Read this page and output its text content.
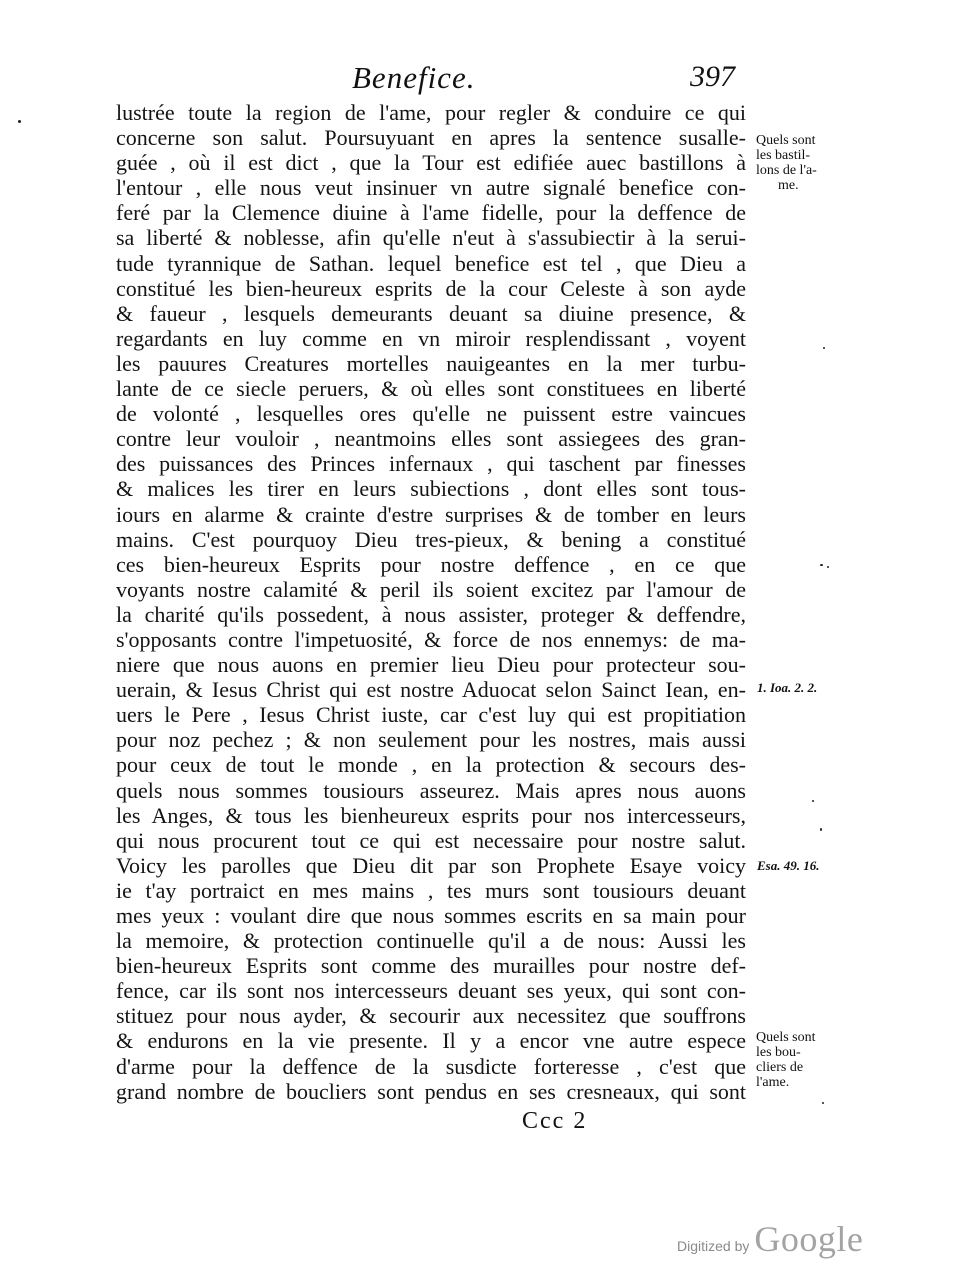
Benefice.	397
lustrée toute la region de l'ame, pour regler & conduire ce qui
concerne son salut. Poursuyuant en apres la sentence susalle-
guée , où il est dict , que la Tour est edifiée auec bastillons à
l'entour , elle nous veut insinuer vn autre signalé benefice con-
feré par la Clemence diuine à l'ame fidelle, pour la deffence de
sa liberté & noblesse, afin qu'elle n'eut à s'assubiectir à la serui-
tude tyrannique de Sathan. lequel benefice est tel , que Dieu a
constitué les bien-heureux esprits de la cour Celeste à son ayde
& faueur , lesquels demeurants deuant sa diuine presence, &
regardants en luy comme en vn miroir resplendissant , voyent
les pauures Creatures mortelles nauigeantes en la mer turbu-
lante de ce siecle peruers, & où elles sont constituees en liberté
de volonté , lesquelles ores qu'elle ne puissent estre vaincues
contre leur vouloir , neantmoins elles sont assiegees des gran-
des puissances des Princes infernaux , qui taschent par finesses
& malices les tirer en leurs subiections , dont elles sont tous-
iours en alarme & crainte d'estre surprises & de tomber en leurs
mains. C'est pourquoy Dieu tres-pieux, & bening a constitué
ces bien-heureux Esprits pour nostre deffence , en ce que
voyants nostre calamité & peril ils soient excitez par l'amour de
la charité qu'ils possedent, à nous assister, proteger & deffendre,
s'opposants contre l'impetuosité, & force de nos ennemys: de ma-
niere que nous auons en premier lieu Dieu pour protecteur sou-
uerain, & Iesus Christ qui est nostre Aduocat selon Sainct Iean, en-
uers le Pere , Iesus Christ iuste, car c'est luy qui est propitiation
pour noz pechez ; & non seulement pour les nostres, mais aussi
pour ceux de tout le monde , en la protection & secours des-
quels nous sommes tousiours asseurez. Mais apres nous auons
les Anges, & tous les bienheureux esprits pour nos intercesseurs,
qui nous procurent tout ce qui est necessaire pour nostre salut.
Voicy les parolles que Dieu dit par son Prophete Esaye voicy
ie t'ay portraict en mes mains , tes murs sont tousiours deuant
mes yeux : voulant dire que nous sommes escrits en sa main pour
la memoire, & protection continuelle qu'il a de nous: Aussi les
bien-heureux Esprits sont comme des murailles pour nostre def-
fence, car ils sont nos intercesseurs deuant ses yeux, qui sont con-
stituez pour nous ayder, & secourir aux necessitez que souffrons
& endurons en la vie presente. Il y a encor vne autre espece
d'arme pour la deffence de la susdicte forteresse , c'est que
grand nombre de boucliers sont pendus en ses cresneaux, qui sont
Quels sont
les bastil-
lons de l'a-
me.
1. Ioa. 2. 2.
Esa. 49. 16.
Quels sont
les bou-
cliers de
l'ame.
Ccc 2
Digitized by Google
